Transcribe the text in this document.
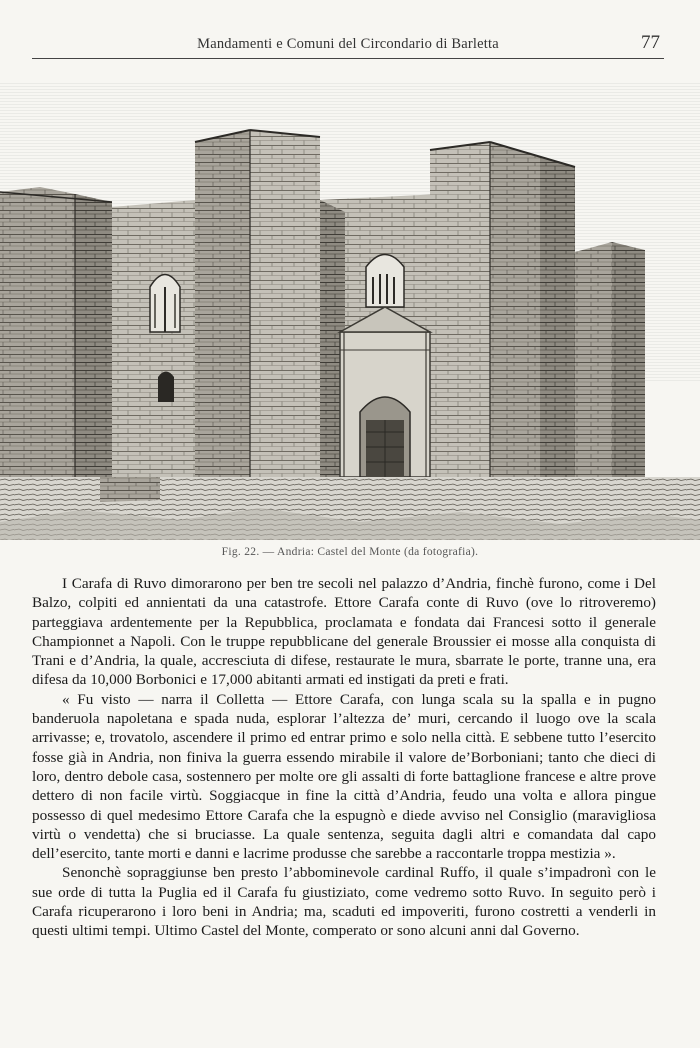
Mandamenti e Comuni del Circondario di Barletta	77
Fig. 22. — Andria: Castel del Monte (da fotografia).

I Carafa di Ruvo dimorarono per ben tre secoli nel palazzo d’Andria, finchè furono, come i Del Balzo, colpiti ed annientati da una catastrofe. Ettore Carafa conte di Ruvo (ove lo ritroveremo) parteggiava ardentemente per la Repubblica, proclamata e fondata dai Francesi sotto il generale Championnet a Napoli. Con le truppe repubblicane del generale Broussier ei mosse alla conquista di Trani e d’Andria, la quale, accresciuta di difese, restaurate le mura, sbarrate le porte, tranne una, era difesa da 10,000 Borbonici e 17,000 abitanti armati ed instigati da preti e frati.

« Fu visto — narra il Colletta — Ettore Carafa, con lunga scala su la spalla e in pugno banderuola napoletana e spada nuda, esplorar l’altezza de’ muri, cercando il luogo ove la scala arrivasse; e, trovatolo, ascendere il primo ed entrar primo e solo nella città. E sebbene tutto l’esercito fosse già in Andria, non finiva la guerra essendo mirabile il valore de’Borboniani; tanto che dieci di loro, dentro debole casa, sostennero per molte ore gli assalti di forte battaglione francese e altre prove dettero di non facile virtù. Soggiacque in fine la città d’Andria, feudo una volta e allora pingue possesso di quel medesimo Ettore Carafa che la espugnò e diede avviso nel Consiglio (maravigliosa virtù o vendetta) che si bruciasse. La quale sentenza, seguita dagli altri e comandata dal capo dell’esercito, tante morti e danni e lacrime produsse che sarebbe a raccontarle troppa mestizia ».

Senonchè sopraggiunse ben presto l’abbominevole cardinal Ruffo, il quale s’impadronì con le sue orde di tutta la Puglia ed il Carafa fu giustiziato, come vedremo sotto Ruvo. In seguito però i Carafa ricuperarono i loro beni in Andria; ma, scaduti ed impoveriti, furono costretti a venderli in questi ultimi tempi. Ultimo Castel del Monte, comperato or sono alcuni anni dal Governo.
